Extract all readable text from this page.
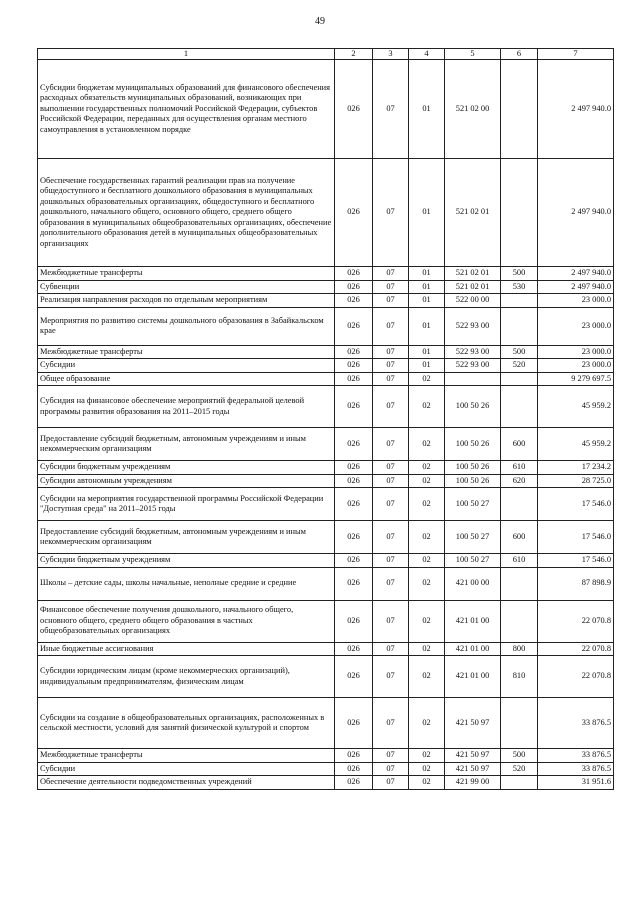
49
1	2	3	4	5	6	7
Субсидии бюджетам муниципальных образований для финансового обеспечения расходных обязательств муниципальных образований, возникающих при выполнении государственных полномочий Российской Федерации, субъектов Российской Федерации, переданных для осуществления органам местного самоуправления в установленном порядке	026	07	01	521 02 00		2 497 940.0
Обеспечение государственных гарантий реализации прав на получение общедоступного и бесплатного дошкольного образования в муниципальных дошкольных образовательных организациях, общедоступного и бесплатного дошкольного, начального общего, основного общего, среднего общего образования в муниципальных общеобразовательных организациях, обеспечение дополнительного образования детей в муниципальных общеобразовательных организациях	026	07	01	521 02 01		2 497 940.0
Межбюджетные трансферты	026	07	01	521 02 01	500	2 497 940.0
Субвенции	026	07	01	521 02 01	530	2 497 940.0
Реализация направления расходов по отдельным мероприятиям	026	07	01	522 00 00		23 000.0
Мероприятия по развитию системы дошкольного образования в Забайкальском крае	026	07	01	522 93 00		23 000.0
Межбюджетные трансферты	026	07	01	522 93 00	500	23 000.0
Субсидии	026	07	01	522 93 00	520	23 000.0
Общее образование	026	07	02			9 279 697.5
Субсидия на финансовое обеспечение мероприятий федеральной целевой программы развития образования на 2011–2015 годы	026	07	02	100 50 26		45 959.2
Предоставление субсидий бюджетным, автономным учреждениям и иным некоммерческим организациям	026	07	02	100 50 26	600	45 959.2
Субсидии бюджетным учреждениям	026	07	02	100 50 26	610	17 234.2
Субсидии автономным учреждениям	026	07	02	100 50 26	620	28 725.0
Субсидии на мероприятия государственной программы Российской Федерации "Доступная среда" на 2011–2015 годы	026	07	02	100 50 27		17 546.0
Предоставление субсидий бюджетным, автономным учреждениям и иным некоммерческим организациям	026	07	02	100 50 27	600	17 546.0
Субсидии бюджетным учреждениям	026	07	02	100 50 27	610	17 546.0
Школы – детские сады, школы начальные, неполные средние и средние	026	07	02	421 00 00		87 898.9
Финансовое обеспечение получения дошкольного, начального общего, основного общего, среднего общего образования в частных общеобразовательных организациях	026	07	02	421 01 00		22 070.8
Иные бюджетные ассигнования	026	07	02	421 01 00	800	22 070.8
Субсидии юридическим лицам (кроме некоммерческих организаций), индивидуальным предпринимателям, физическим лицам	026	07	02	421 01 00	810	22 070.8
Субсидии на создание в общеобразовательных организациях, расположенных в сельской местности, условий для занятий физической культурой и спортом	026	07	02	421 50 97		33 876.5
Межбюджетные трансферты	026	07	02	421 50 97	500	33 876.5
Субсидии	026	07	02	421 50 97	520	33 876.5
Обеспечение деятельности подведомственных учреждений	026	07	02	421 99 00		31 951.6
